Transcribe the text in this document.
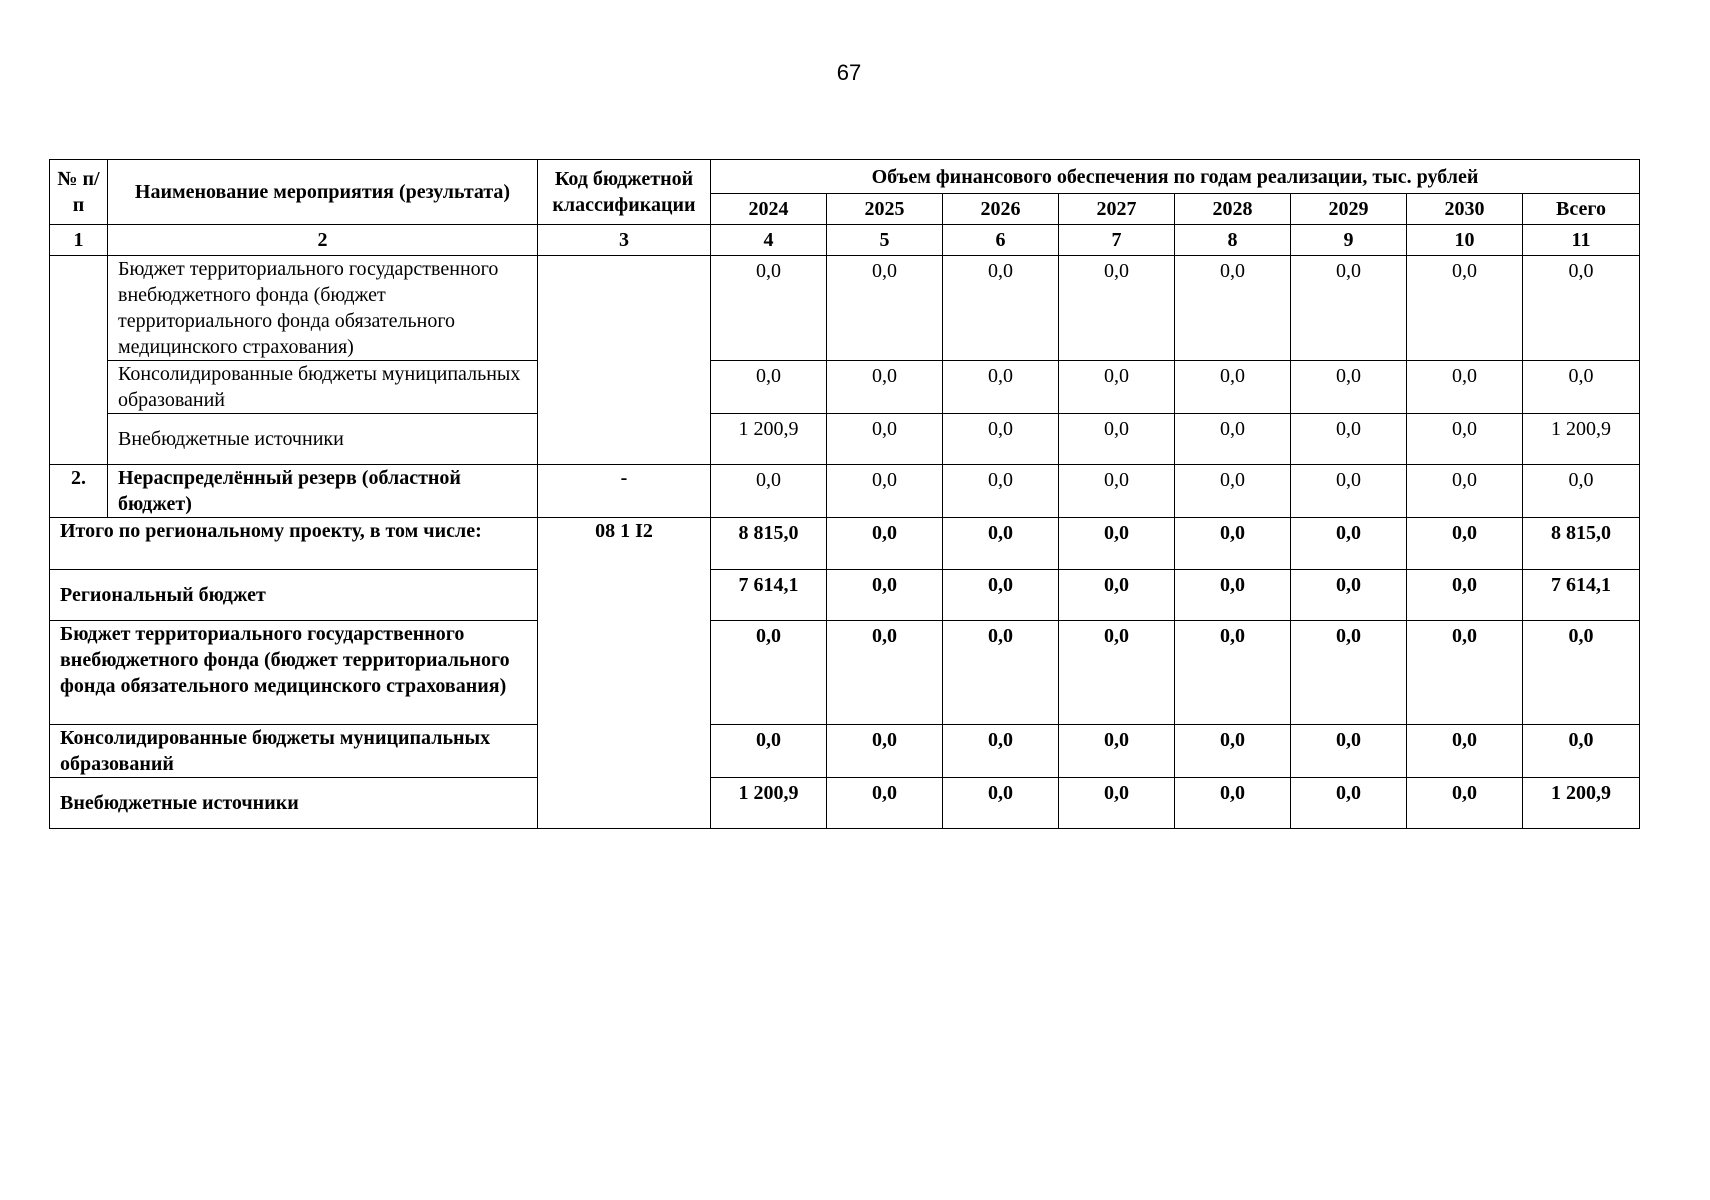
67
№ п/п	Наименование мероприятия (результата)	Код бюджетной классификации	Объем финансового обеспечения по годам реализации, тыс. рублей							
			2024	2025	2026	2027	2028	2029	2030	Всего
1	2	3	4	5	6	7	8	9	10	11
	Бюджет территориального государственного внебюджетного фонда (бюджет территориального фонда обязательного медицинского страхования)		0,0	0,0	0,0	0,0	0,0	0,0	0,0	0,0
	Консолидированные бюджеты муниципальных образований		0,0	0,0	0,0	0,0	0,0	0,0	0,0	0,0
	Внебюджетные источники		1 200,9	0,0	0,0	0,0	0,0	0,0	0,0	1 200,9
2.	Нераспределённый резерв (областной бюджет)	-	0,0	0,0	0,0	0,0	0,0	0,0	0,0	0,0
Итого по региональному проекту, в том числе:		08 1 I2	8 815,0	0,0	0,0	0,0	0,0	0,0	0,0	8 815,0
Региональный бюджет			7 614,1	0,0	0,0	0,0	0,0	0,0	0,0	7 614,1
Бюджет территориального государственного внебюджетного фонда (бюджет территориального фонда обязательного медицинского страхования)			0,0	0,0	0,0	0,0	0,0	0,0	0,0	0,0
Консолидированные бюджеты муниципальных образований			0,0	0,0	0,0	0,0	0,0	0,0	0,0	0,0
Внебюджетные источники			1 200,9	0,0	0,0	0,0	0,0	0,0	0,0	1 200,9
